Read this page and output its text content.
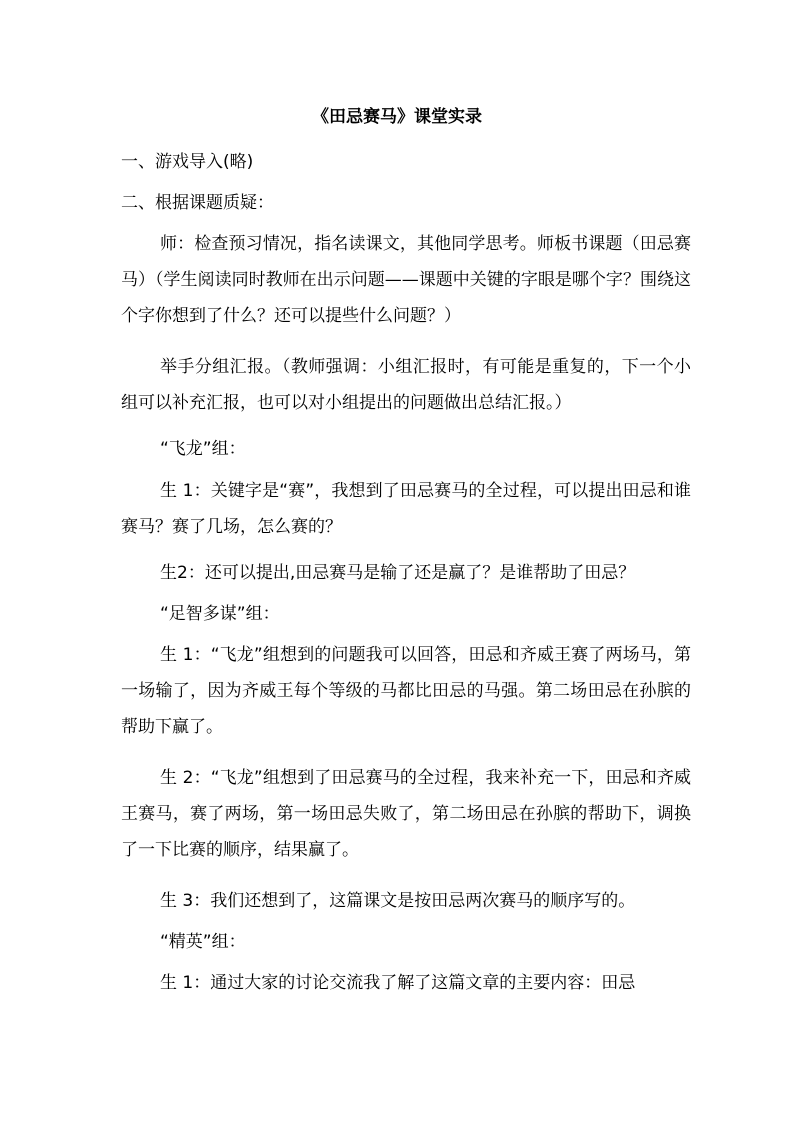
《田忌赛马》课堂实录

一、游戏导入(略)

二、根据课题质疑：

师：检查预习情况，指名读课文，其他同学思考。师板书课题（田忌赛马）（学生阅读同时教师在出示问题——课题中关键的字眼是哪个字？围绕这个字你想到了什么？还可以提些什么问题？）

举手分组汇报。（教师强调：小组汇报时，有可能是重复的，下一个小组可以补充汇报，也可以对小组提出的问题做出总结汇报。）

“飞龙”组：

生 1：关键字是“赛”，我想到了田忌赛马的全过程，可以提出田忌和谁赛马？赛了几场，怎么赛的？

生2：还可以提出,田忌赛马是输了还是赢了？是谁帮助了田忌？

“足智多谋”组：

生 1：“飞龙”组想到的问题我可以回答，田忌和齐威王赛了两场马，第一场输了，因为齐威王每个等级的马都比田忌的马强。第二场田忌在孙膑的帮助下赢了。

生 2：“飞龙”组想到了田忌赛马的全过程，我来补充一下，田忌和齐威王赛马，赛了两场，第一场田忌失败了，第二场田忌在孙膑的帮助下，调换了一下比赛的顺序，结果赢了。

生 3：我们还想到了，这篇课文是按田忌两次赛马的顺序写的。

“精英”组：

生 1：通过大家的讨论交流我了解了这篇文章的主要内容：田忌
